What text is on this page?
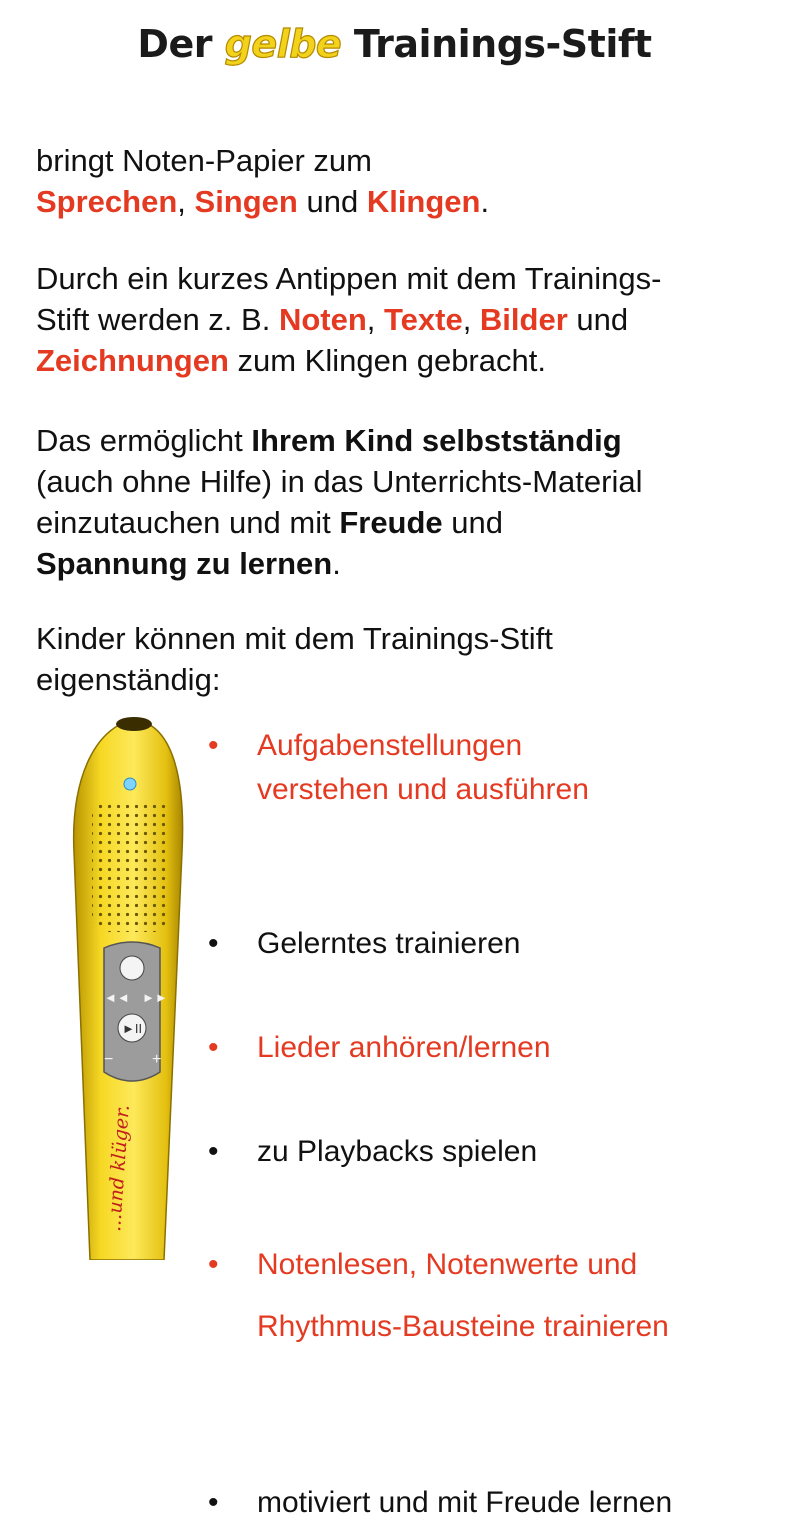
Der gelbe Trainings-Stift
bringt Noten-Papier zum
Sprechen, Singen und Klingen.
Durch ein kurzes Antippen mit dem Trainings-
Stift werden z. B. Noten, Texte, Bilder und
Zeichnungen zum Klingen gebracht.
Das ermöglicht Ihrem Kind selbstständig
(auch ohne Hilfe) in das Unterrichts-Material
einzutauchen und mit Freude und
Spannung zu lernen.
Kinder können mit dem Trainings-Stift
eigenständig:
◄◄ ►►
►II
− +
...und klüger.
•	Aufgabenstellungen
verstehen und ausführen
•	Gelerntes trainieren
•	Lieder anhören/lernen
•	zu Playbacks spielen
•	Notenlesen, Notenwerte und
Rhythmus-Bausteine trainieren
•	motiviert und mit Freude lernen
